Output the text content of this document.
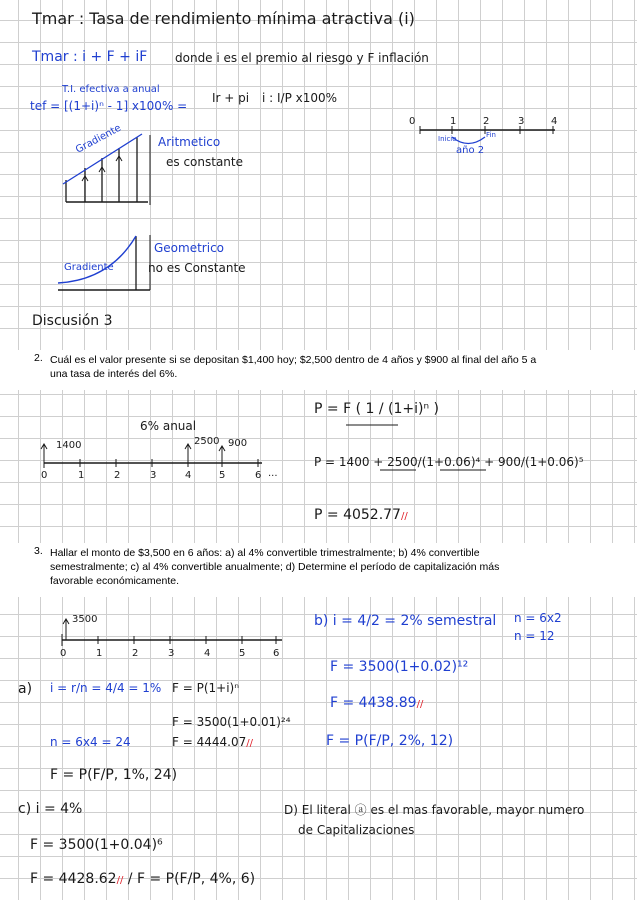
Tmar : Tasa de rendimiento mínima atractiva (i)
Tmar : i + F + iF donde i es el premio al riesgo y F inflación
T.I. efectiva a anual
tef = [(1+i)ⁿ - 1] x100% =
Ir + pi i : I/P x100%
0	1	2	3	4
Inicio	Fin
año 2
Gradiente	Aritmetico
es constante
Gradiente
Geometrico
no es Constante
Discusión 3
2. Cuál es el valor presente si se depositan $1,400 hoy; $2,500 dentro de 4 años y $900 al final del año 5 a una tasa de interés del 6%.
6% anual
1400	2500 900
0	1	2	3	4	5	6 ...
P = F ( 1 / (1+i)ⁿ )
P = 1400 + 2500/(1+0.06)⁴ + 900/(1+0.06)⁵
P = 4052.77//
3. Hallar el monto de $3,500 en 6 años: a) al 4% convertible trimestralmente; b) 4% convertible semestralmente; c) al 4% convertible anualmente; d) Determine el período de capitalización más favorable económicamente.
3500
0	1	2	3	4	5	6
b) i = 4/2 = 2% semestral n = 6x2
n = 12
F = 3500(1+0.02)¹²
F = 4438.89//
F = P(F/P, 2%, 12)
a) i = r/n = 4/4 = 1% F = P(1+i)ⁿ
F = 3500(1+0.01)²⁴
F = 4444.07//
n = 6x4 = 24
F = P(F/P, 1%, 24)
c) i = 4%
F = 3500(1+0.04)⁶
F = 4428.62// / F = P(F/P, 4%, 6)
D) El literal ⓐ es el mas favorable, mayor numero
de Capitalizaciones
